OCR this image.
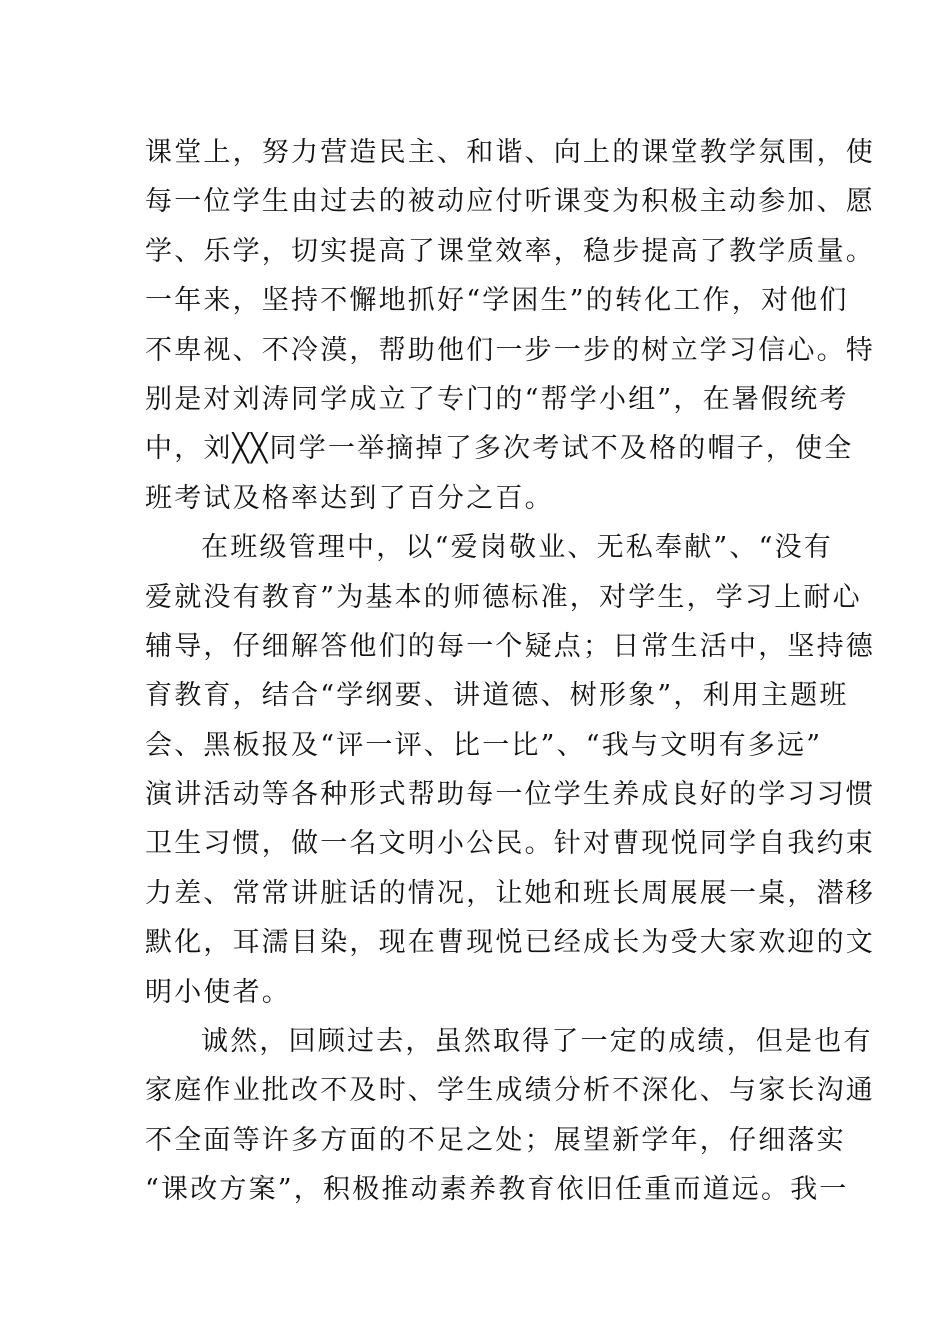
课堂上，努力营造民主、和谐、向上的课堂教学氛围，使
每一位学生由过去的被动应付听课变为积极主动参加、愿
学、乐学，切实提高了课堂效率，稳步提高了教学质量。
一年来，坚持不懈地抓好“学困生”的转化工作，对他们
不卑视、不冷漠，帮助他们一步一步的树立学习信心。特
别是对刘涛同学成立了专门的“帮学小组”，在暑假统考
中，刘╳╳同学一举摘掉了多次考试不及格的帽子，使全
班考试及格率达到了百分之百。
在班级管理中，以“爱岗敬业、无私奉献”、“没有
爱就没有教育”为基本的师德标准，对学生，学习上耐心
辅导，仔细解答他们的每一个疑点；日常生活中，坚持德
育教育，结合“学纲要、讲道德、树形象”，利用主题班
会、黑板报及“评一评、比一比”、“我与文明有多远”
演讲活动等各种形式帮助每一位学生养成良好的学习习惯
卫生习惯，做一名文明小公民。针对曹现悦同学自我约束
力差、常常讲脏话的情况，让她和班长周展展一桌，潜移
默化，耳濡目染，现在曹现悦已经成长为受大家欢迎的文
明小使者。
诚然，回顾过去，虽然取得了一定的成绩，但是也有
家庭作业批改不及时、学生成绩分析不深化、与家长沟通
不全面等许多方面的不足之处；展望新学年，仔细落实
“课改方案”，积极推动素养教育依旧任重而道远。我一
